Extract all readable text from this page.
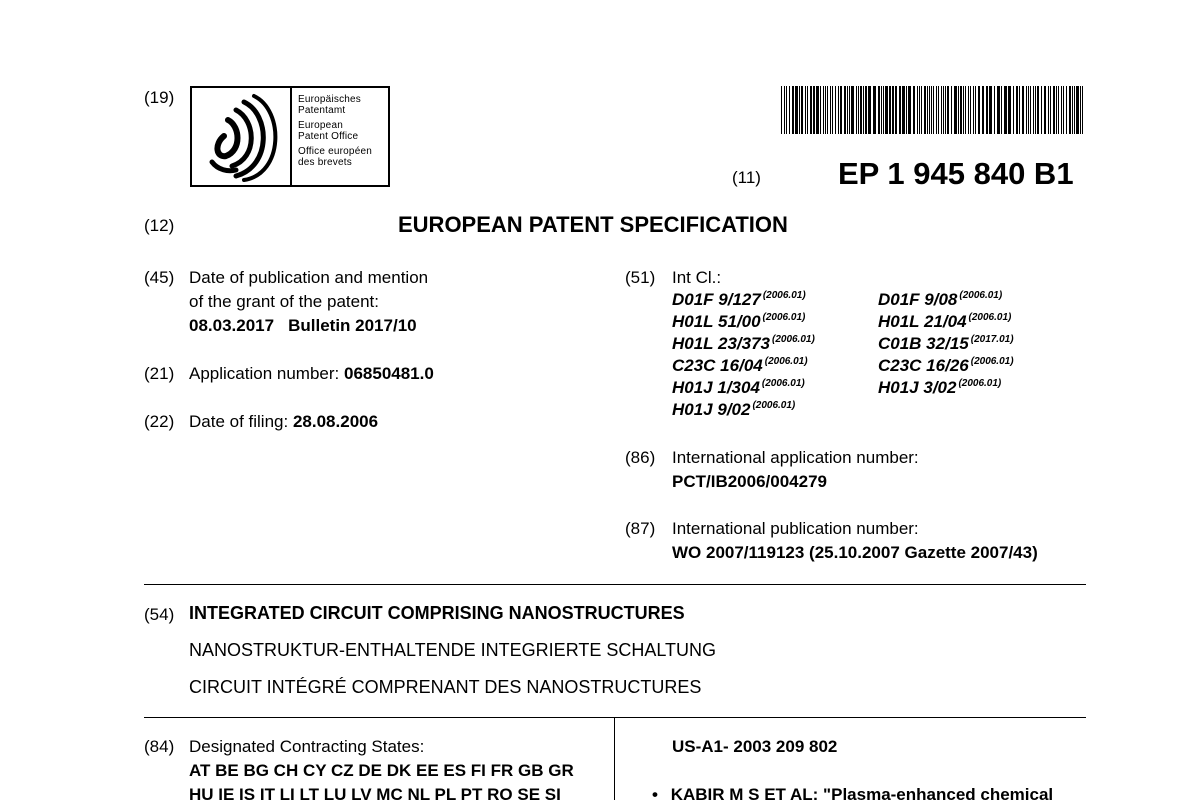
(19)	Europäisches
Patentamt
European
Patent Office
Office européen
des brevets
(11) EP 1 945 840 B1
(12)	EUROPEAN PATENT SPECIFICATION
(45) Date of publication and mention
of the grant of the patent:
08.03.2017 Bulletin 2017/10
(21) Application number: 06850481.0
(22) Date of filing: 28.08.2006
(51) Int Cl.:
D01F 9/127 $^{(2006.01)}$	D01F 9/08 $^{(2006.01)}$
H01L 51/00 $^{(2006.01)}$	H01L 21/04 $^{(2006.01)}$
H01L 23/373 $^{(2006.01)}$	C01B 32/15 $^{(2017.01)}$
C23C 16/04 $^{(2006.01)}$	C23C 16/26 $^{(2006.01)}$
H01J 1/304 $^{(2006.01)}$	H01J 3/02 $^{(2006.01)}$
H01J 9/02 $^{(2006.01)}$
(86) International application number:
PCT/IB2006/004279
(87) International publication number:
WO 2007/119123 (25.10.2007 Gazette 2007/43)
(54) INTEGRATED CIRCUIT COMPRISING NANOSTRUCTURES
NANOSTRUKTUR-ENTHALTENDE INTEGRIERTE SCHALTUNG
CIRCUIT INTÉGRÉ COMPRENANT DES NANOSTRUCTURES
(84) Designated Contracting States:
AT BE BG CH CY CZ DE DK EE ES FI FR GB GR
HU IE IS IT LI LT LU LV MC NL PL PT RO SE SI
US-A1- 2003 209 802
• KABIR M S ET AL: "Plasma-enhanced chemical
